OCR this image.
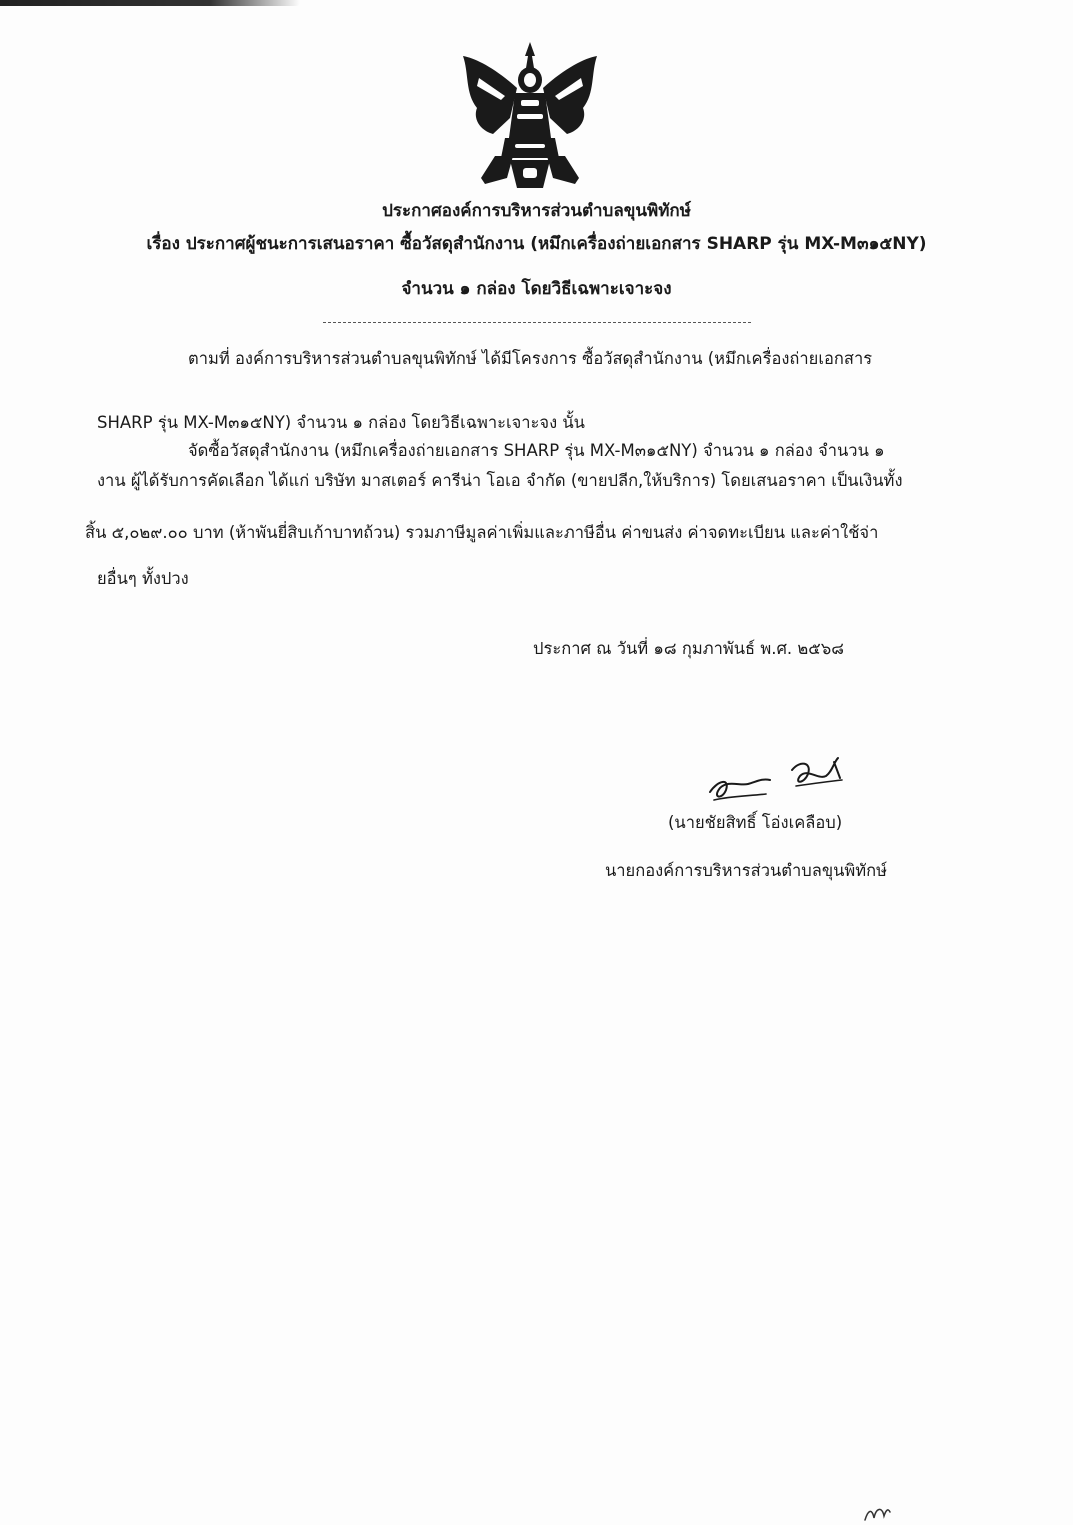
ประกาศองค์การบริหารส่วนตำบลขุนพิทักษ์
เรื่อง ประกาศผู้ชนะการเสนอราคา ซื้อวัสดุสำนักงาน (หมึกเครื่องถ่ายเอกสาร SHARP รุ่น MX-M๓๑๕NY)
จำนวน ๑ กล่อง โดยวิธีเฉพาะเจาะจง
ตามที่ องค์การบริหารส่วนตำบลขุนพิทักษ์ ได้มีโครงการ ซื้อวัสดุสำนักงาน (หมึกเครื่องถ่ายเอกสาร
SHARP รุ่น MX-M๓๑๕NY) จำนวน ๑ กล่อง โดยวิธีเฉพาะเจาะจง นั้น
จัดซื้อวัสดุสำนักงาน (หมึกเครื่องถ่ายเอกสาร SHARP รุ่น MX-M๓๑๕NY) จำนวน ๑ กล่อง จำนวน ๑
งาน ผู้ได้รับการคัดเลือก ได้แก่ บริษัท มาสเตอร์ คารีน่า โอเอ จำกัด (ขายปลีก,ให้บริการ) โดยเสนอราคา เป็นเงินทั้ง
สิ้น ๕,๐๒๙.๐๐ บาท (ห้าพันยี่สิบเก้าบาทถ้วน) รวมภาษีมูลค่าเพิ่มและภาษีอื่น ค่าขนส่ง ค่าจดทะเบียน และค่าใช้จ่า
ยอื่นๆ ทั้งปวง
ประกาศ ณ วันที่ ๑๘ กุมภาพันธ์ พ.ศ. ๒๕๖๘
(นายชัยสิทธิ์ โอ่งเคลือบ)
นายกองค์การบริหารส่วนตำบลขุนพิทักษ์
